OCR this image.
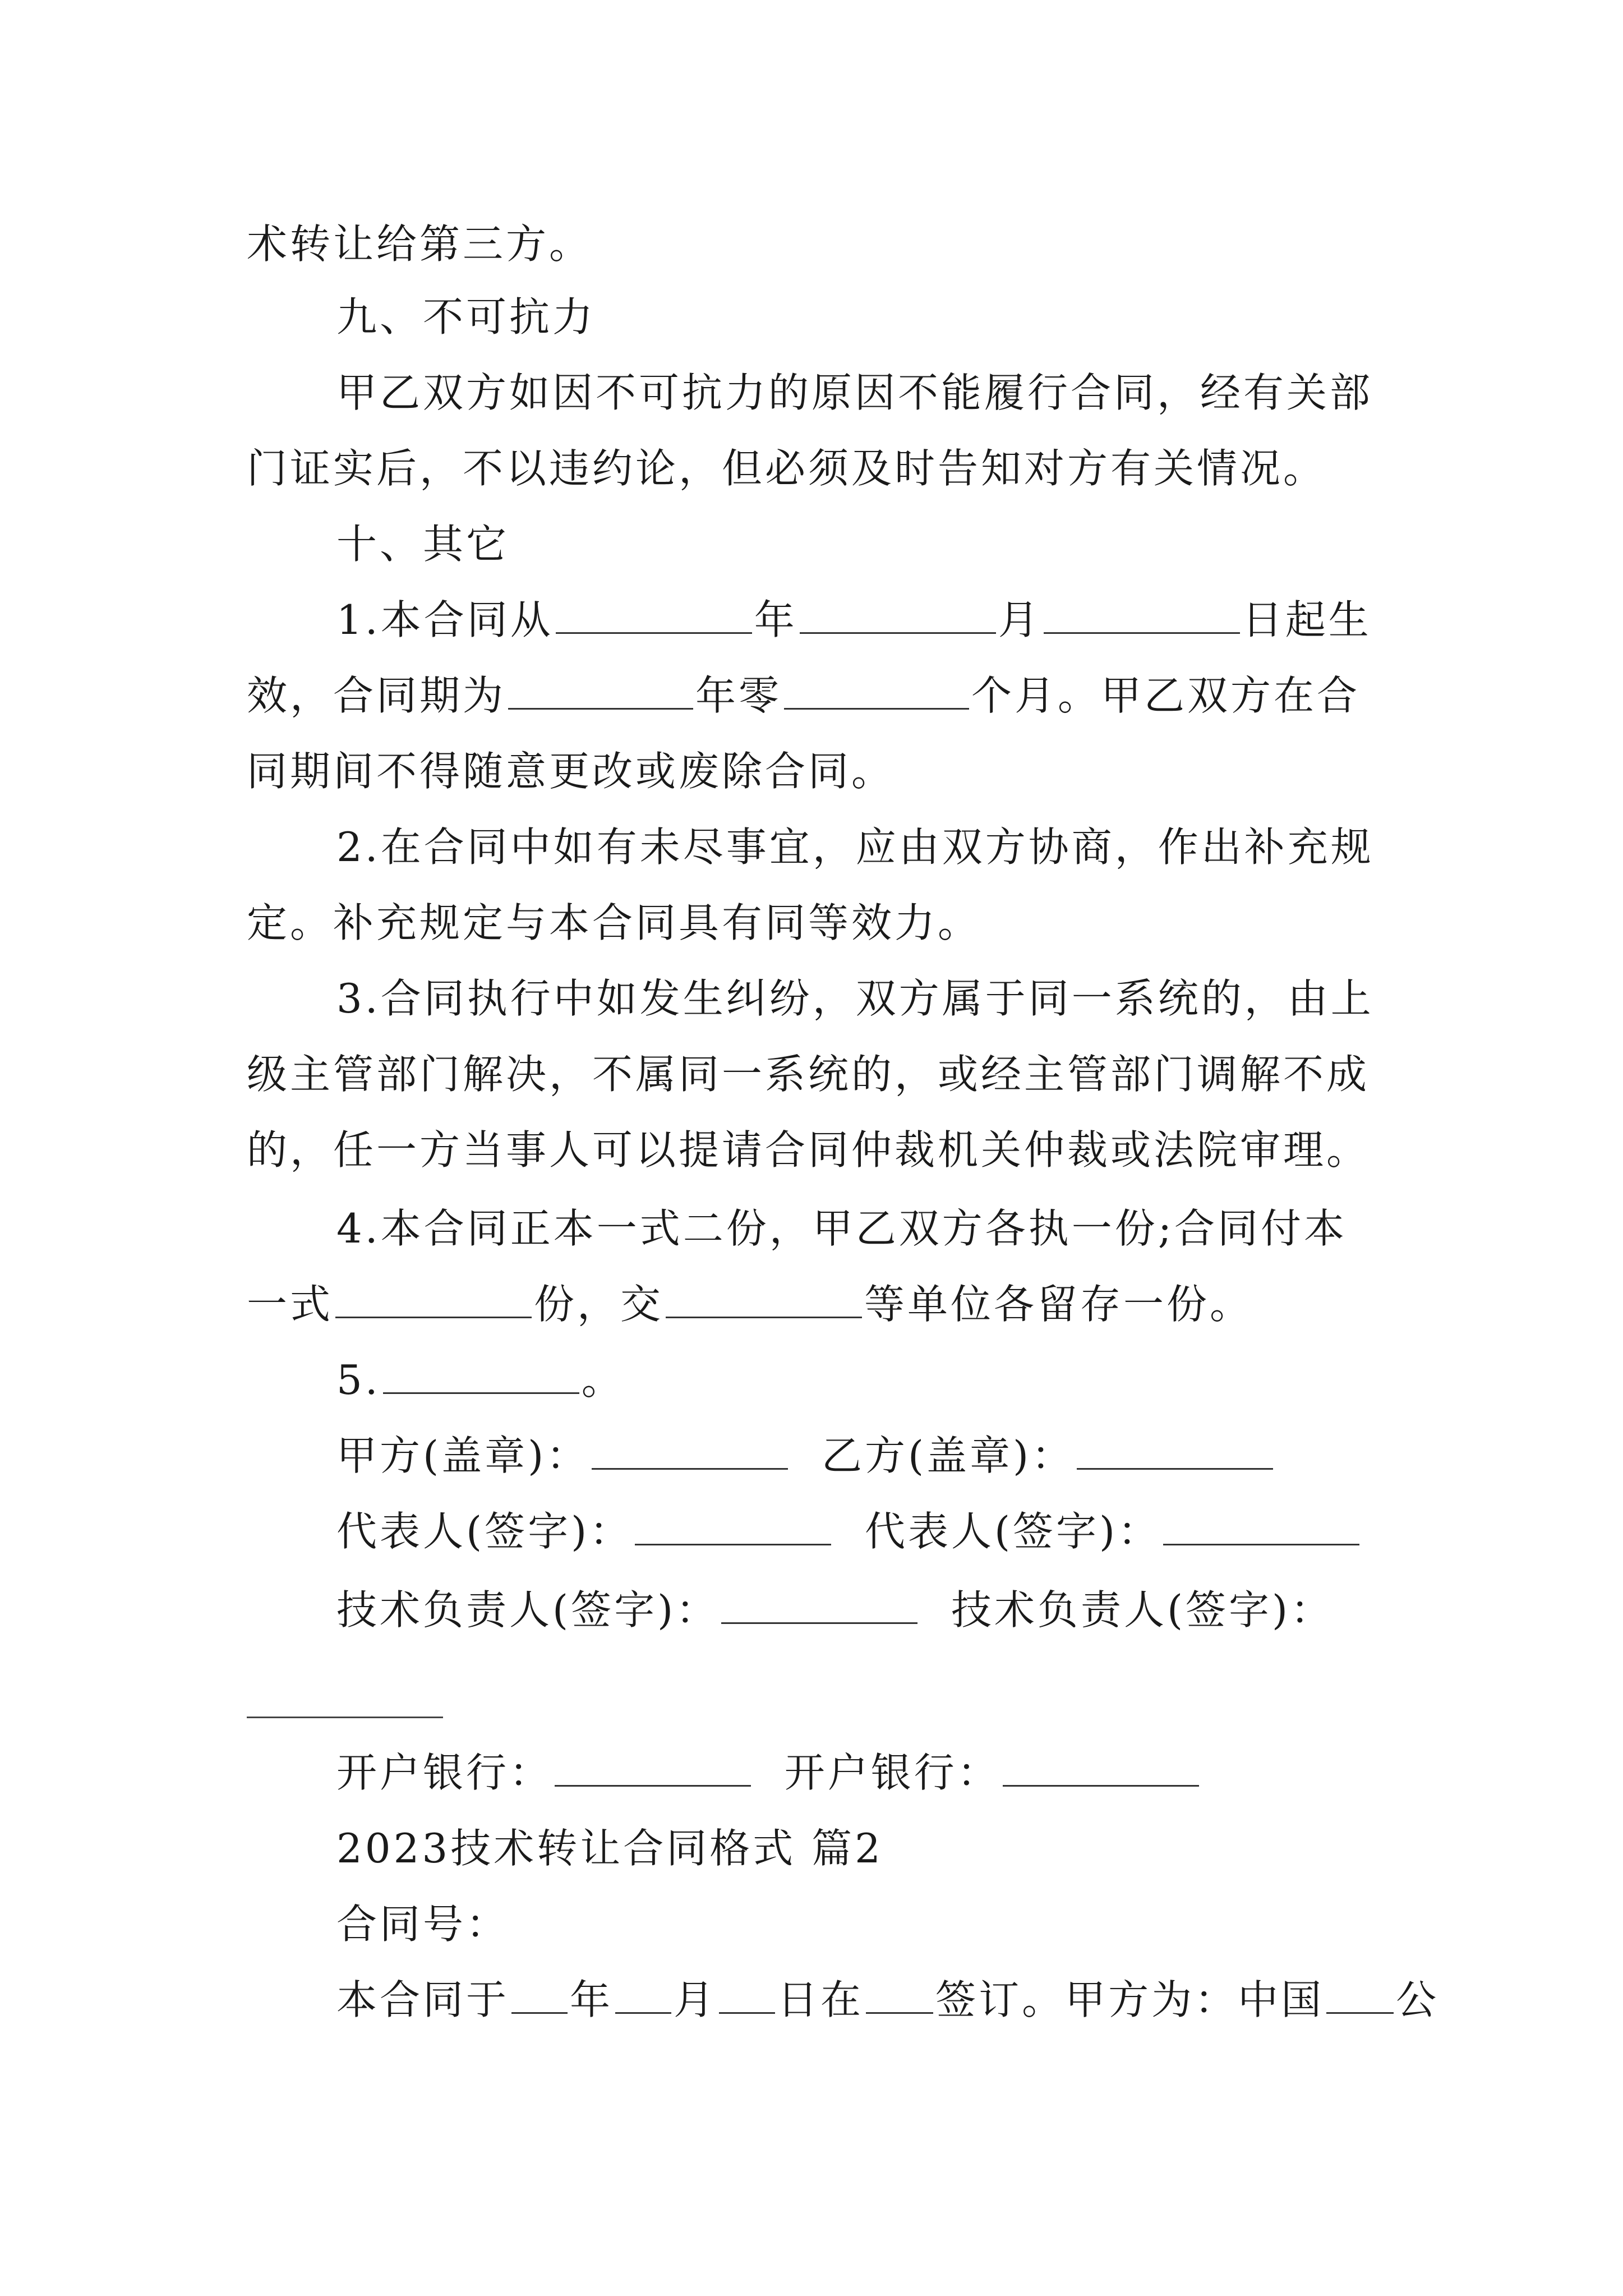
术转让给第三方。
九、不可抗力
甲乙双方如因不可抗力的原因不能履行合同，经有关部
门证实后，不以违约论，但必须及时告知对方有关情况。
十、其它
1.本合同从	年	月	日起生
效，合同期为	年零	个月。甲乙双方在合
同期间不得随意更改或废除合同。
2.在合同中如有未尽事宜，应由双方协商，作出补充规
定。补充规定与本合同具有同等效力。
3.合同执行中如发生纠纷，双方属于同一系统的，由上
级主管部门解决，不属同一系统的，或经主管部门调解不成
的，任一方当事人可以提请合同仲裁机关仲裁或法院审理。
4.本合同正本一式二份，甲乙双方各执一份;合同付本
一式	份，交	等单位各留存一份。
5.	。
甲方(盖章)：	乙方(盖章)：
代表人(签字)：	代表人(签字)：
技术负责人(签字)：	技术负责人(签字)：
开户银行：	开户银行：
2023技术转让合同格式 篇2
合同号：
本合同于 年 月 日在 签订。甲方为：中国 公
